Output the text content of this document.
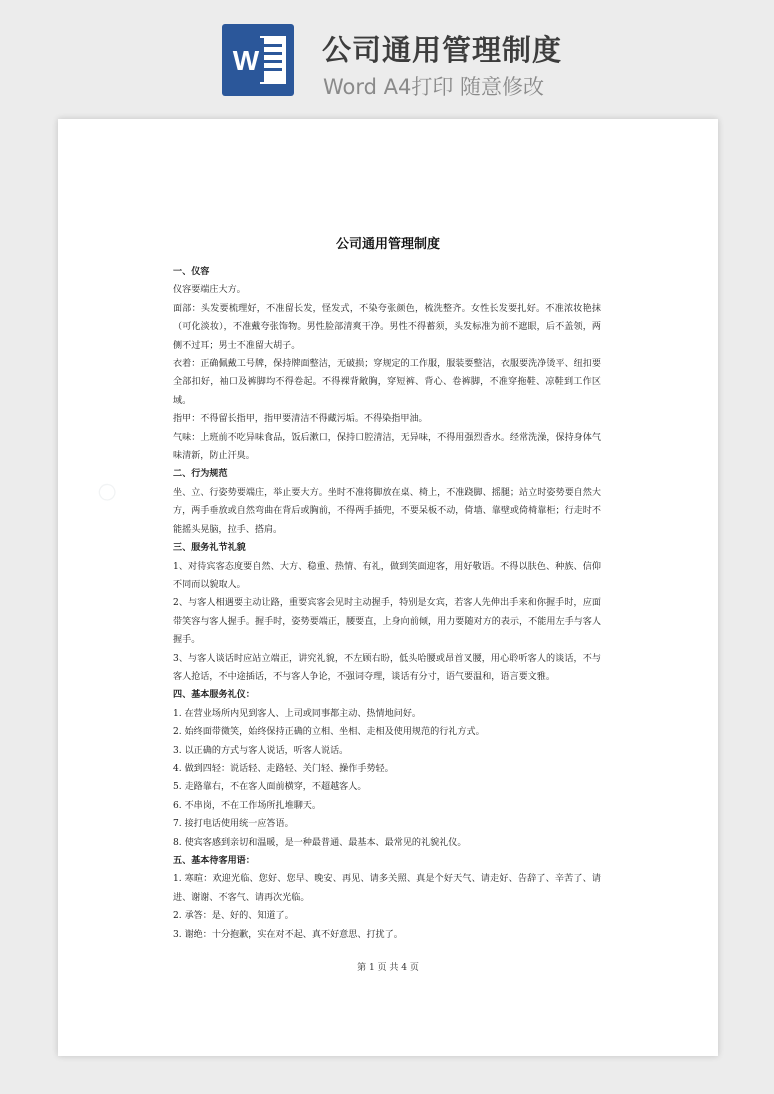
W 公司通用管理制度
Word A4打印 随意修改
○
公司通用管理制度

一、仪容

仪容要端庄大方。

面部：头发要梳理好，不准留长发，怪发式，不染夸张颜色，梳洗整齐。女性长发要扎好。不准浓妆艳抹（可化淡妆），不准戴夸张饰物。男性脸部清爽干净。男性不得蓄须，头发标准为前不遮眼，后不盖领，两侧不过耳；男士不准留大胡子。

衣着：正确佩戴工号牌，保持牌面整洁，无破损；穿规定的工作服，服装要整洁，衣服要洗净烫平、纽扣要全部扣好，袖口及裤脚均不得卷起。不得裸背敞胸，穿短裤、背心、卷裤脚，不准穿拖鞋、凉鞋到工作区域。

指甲：不得留长指甲，指甲要清洁不得藏污垢。不得染指甲油。

气味：上班前不吃异味食品，饭后漱口，保持口腔清洁，无异味，不得用强烈香水。经常洗澡，保持身体气味清新，防止汗臭。

二、行为规范

坐、立、行姿势要端庄，举止要大方。坐时不准将脚放在桌、椅上，不准跷脚、摇腿；站立时姿势要自然大方，两手垂放或自然弯曲在背后或胸前，不得两手插兜，不要呆板不动，倚墙、靠壁或倚椅靠柜；行走时不能摇头晃脑，拉手、搭肩。

三、服务礼节礼貌

1、对待宾客态度要自然、大方、稳重、热情、有礼，做到笑面迎客，用好敬语。不得以肤色、种族、信仰不同而以貌取人。

2、与客人相遇要主动让路，重要宾客会见时主动握手，特别是女宾，若客人先伸出手来和你握手时，应面带笑容与客人握手。握手时，姿势要端正，腰要直，上身向前倾，用力要随对方的表示，不能用左手与客人握手。

3、与客人谈话时应站立端正，讲究礼貌，不左顾右盼，低头哈腰或昂首叉腰，用心聆听客人的谈话，不与客人抢话，不中途插话，不与客人争论，不强词夺理，谈话有分寸，语气要温和，语言要文雅。

四、基本服务礼仪：

1. 在营业场所内见到客人、上司或同事都主动、热情地问好。

2. 始终面带微笑，始终保持正确的立相、坐相、走相及使用规范的行礼方式。

3. 以正确的方式与客人说话，听客人说话。

4. 做到四轻：说话轻、走路轻、关门轻、操作手势轻。

5. 走路靠右，不在客人面前横穿，不超越客人。

6. 不串岗，不在工作场所扎堆聊天。

7. 接打电话使用统一应答语。

8. 使宾客感到亲切和温暖，是一种最普通、最基本、最常见的礼貌礼仪。

五、基本待客用语：

1. 寒暄：欢迎光临、您好、您早、晚安、再见、请多关照、真是个好天气、请走好、告辞了、辛苦了、请进、谢谢、不客气、请再次光临。

2. 承答：是、好的、知道了。

3. 谢绝：十分抱歉，实在对不起、真不好意思、打扰了。

第 1 页 共 4 页
